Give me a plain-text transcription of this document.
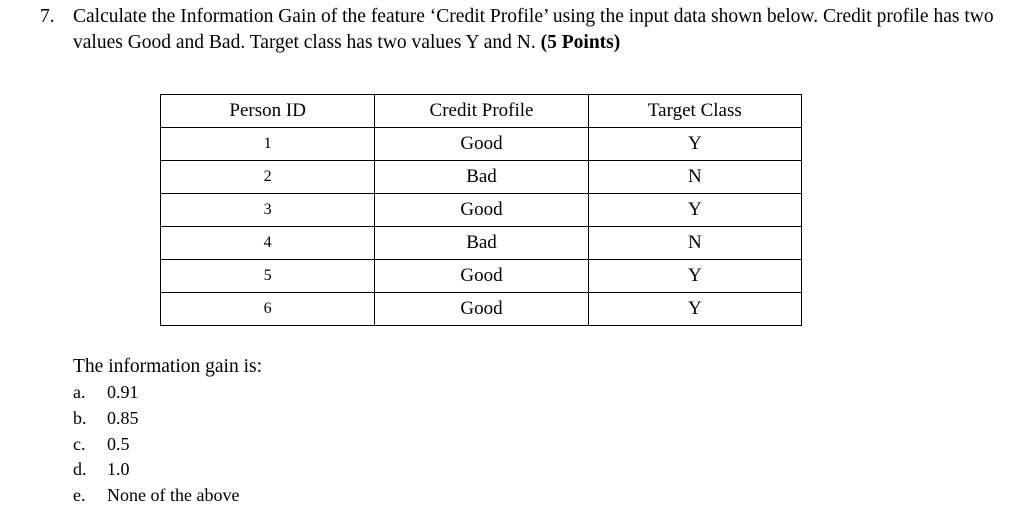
7. Calculate the Information Gain of the feature ‘Credit Profile’ using the input data shown below. Credit profile has two values Good and Bad. Target class has two values Y and N. (5 Points)
Person ID	Credit Profile	Target Class
1	Good	Y
2	Bad	N
3	Good	Y
4	Bad	N
5	Good	Y
6	Good	Y
The information gain is:
a. 0.91
b. 0.85
c. 0.5
d. 1.0
e. None of the above
